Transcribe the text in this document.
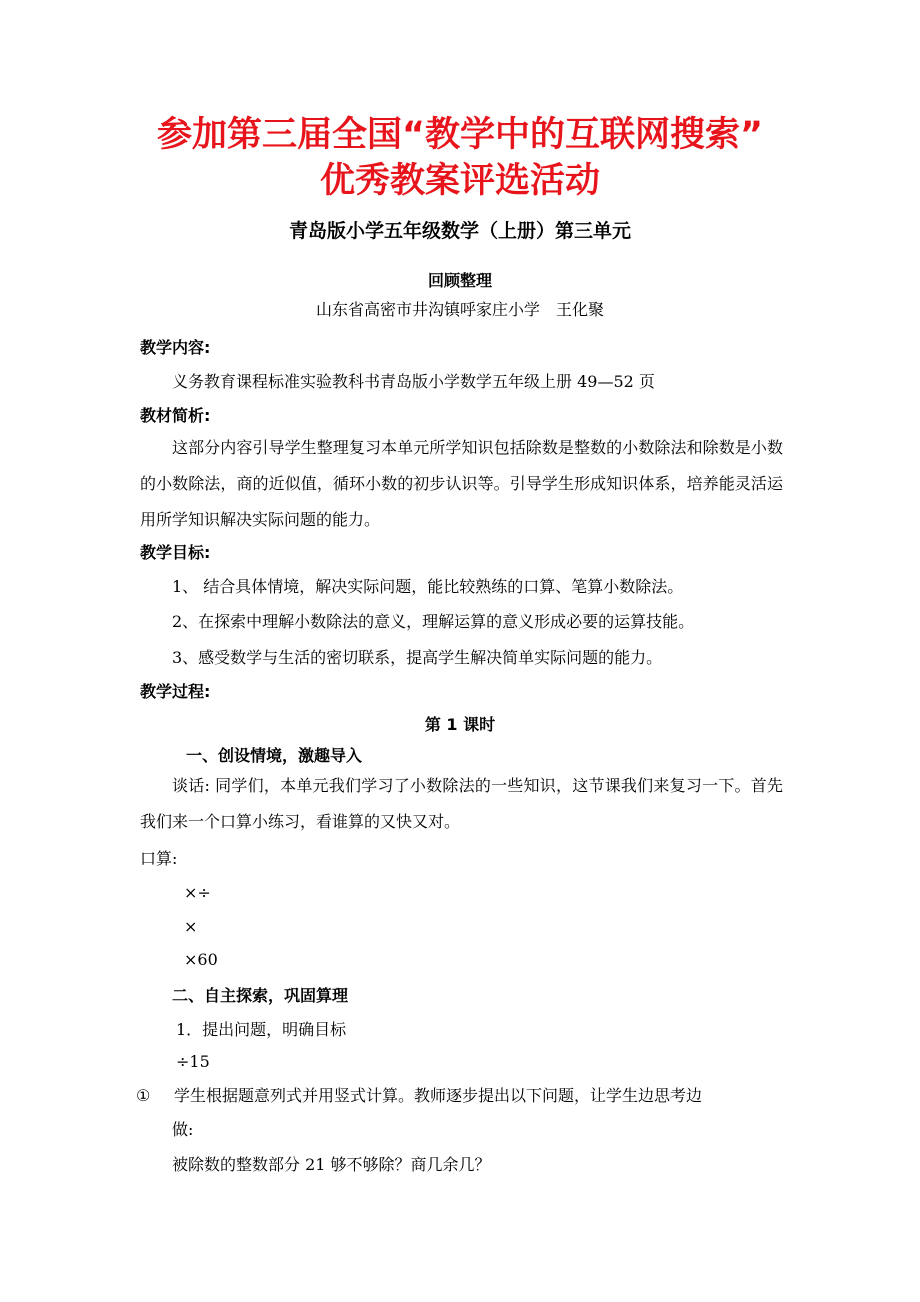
参加第三届全国“教学中的互联网搜索”
优秀教案评选活动
青岛版小学五年级数学（上册）第三单元
回顾整理
山东省高密市井沟镇呼家庄小学　王化聚
教学内容:
义务教育课程标准实验教科书青岛版小学数学五年级上册 49—52 页
教材简析:
这部分内容引导学生整理复习本单元所学知识包括除数是整数的小数除法和除数是小数的小数除法，商的近似值，循环小数的初步认识等。引导学生形成知识体系，培养能灵活运用所学知识解决实际问题的能力。
教学目标:
1、 结合具体情境，解决实际问题，能比较熟练的口算、笔算小数除法。
2、在探索中理解小数除法的意义，理解运算的意义形成必要的运算技能。
3、感受数学与生活的密切联系，提高学生解决简单实际问题的能力。
教学过程:
第 1 课时
一、创设情境，激趣导入
谈话: 同学们，本单元我们学习了小数除法的一些知识，这节课我们来复习一下。首先我们来一个口算小练习，看谁算的又快又对。
口算:
×÷
×
×60
二、自主探索，巩固算理
1．提出问题，明确目标
÷15
① 学生根据题意列式并用竖式计算。教师逐步提出以下问题，让学生边思考边
做:
被除数的整数部分 21 够不够除？商几余几？
